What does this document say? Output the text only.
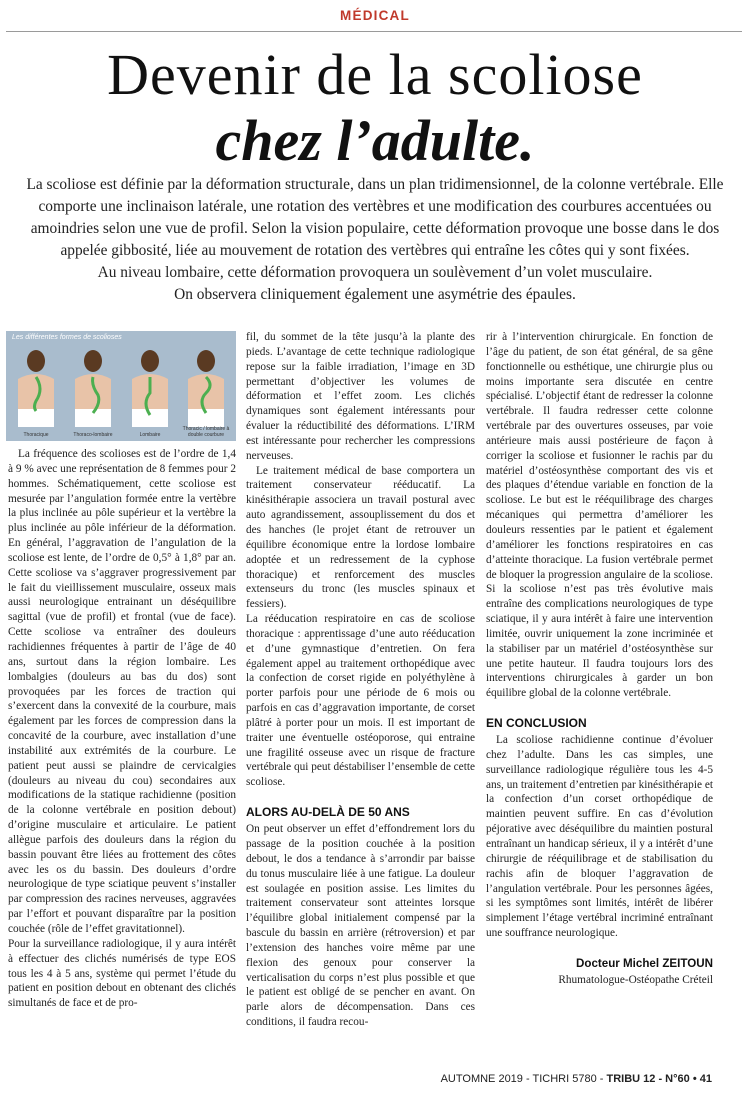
MÉDICAL
Devenir de la scoliose
chez l’adulte.

La scoliose est définie par la déformation structurale, dans un plan tridimensionnel, de la colonne vertébrale. Elle comporte une inclinaison latérale, une rotation des vertèbres et une modification des courbures accentuées ou amoindries selon une vue de profil. Selon la vision populaire, cette déformation provoque une bosse dans le dos appelée gibbosité, liée au mouvement de rotation des vertèbres qui entraîne les côtes qui y sont fixées.

Au niveau lombaire, cette déformation provoquera un soulèvement d’un volet musculaire.

On observera cliniquement également une asymétrie des épaules.

Les différentes formes de scolioses
Thoracique	Thoraco-lombaire	Lombaire
Thoracic / lombaire à double courbure

La fréquence des scolioses est de l’ordre de 1,4 à 9 % avec une représentation de 8 femmes pour 2 hommes. Schématiquement, cette scoliose est mesurée par l’angulation formée entre la vertèbre la plus inclinée au pôle supérieur et la vertèbre la plus inclinée au pôle inférieur de la déformation. En général, l’aggravation de l’angulation de la scoliose est lente, de l’ordre de 0,5° à 1,8° par an. Cette scoliose va s’aggraver progressivement par le fait du vieillissement musculaire, osseux mais aussi neurologique entrainant un déséquilibre sagittal (vue de profil) et frontal (vue de face). Cette scoliose va entraîner des douleurs rachidiennes fréquentes à partir de l’âge de 40 ans, surtout dans la région lombaire. Les lombalgies (douleurs au bas du dos) sont provoquées par les forces de traction qui s’exercent dans la convexité de la courbure, mais également par les forces de compression dans la concavité de la courbure, avec installation d’une instabilité aux extrémités de la courbure. Le patient peut aussi se plaindre de cervicalgies (douleurs au niveau du cou) secondaires aux modifications de la statique rachidienne (position de la colonne vertébrale en position debout) d’origine musculaire et articulaire. Le patient allègue parfois des douleurs dans la région du bassin pouvant être liées au frottement des côtes avec les os du bassin. Des douleurs d’ordre neurologique de type sciatique peuvent s’installer par compression des racines nerveuses, aggravées par l’effort et pouvant disparaître par la position couchée (rôle de l’effet gravitationnel).

Pour la surveillance radiologique, il y aura intérêt à effectuer des clichés numérisés de type EOS tous les 4 à 5 ans, système qui permet l’étude du patient en position debout en obtenant des clichés simultanés de face et de pro-

fil, du sommet de la tête jusqu’à la plante des pieds. L’avantage de cette technique radiologique repose sur la faible irradiation, l’image en 3D permettant d’objectiver les volumes de déformation et l’effet zoom. Les clichés dynamiques sont également intéressants pour évaluer la réductibilité des déformations. L’IRM est intéressante pour rechercher les compressions nerveuses.

Le traitement médical de base comportera un traitement conservateur rééducatif. La kinésithérapie associera un travail postural avec auto agrandissement, assouplissement du dos et des hanches (le projet étant de retrouver un équilibre économique entre la lordose lombaire adoptée et un redressement de la cyphose thoracique) et renforcement des muscles extenseurs du tronc (les muscles spinaux et fessiers).

La rééducation respiratoire en cas de scoliose thoracique : apprentissage d’une auto rééducation et d’une gymnastique d’entretien. On fera également appel au traitement orthopédique avec la confection de corset rigide en polyéthylène à porter parfois pour une période de 6 mois ou parfois en cas d’aggravation importante, de corset plâtré à porter pour un mois. Il est important de traiter une éventuelle ostéoporose, qui entraine une fragilité osseuse avec un risque de fracture vertébrale qui peut déstabiliser l’ensemble de cette scoliose.

ALORS AU-DELÀ DE 50 ANS

On peut observer un effet d’effondrement lors du passage de la position couchée à la position debout, le dos a tendance à s’arrondir par baisse du tonus musculaire liée à une fatigue. La douleur est soulagée en position assise. Les limites du traitement conservateur sont atteintes lorsque l’équilibre global initialement compensé par la bascule du bassin en arrière (rétroversion) et par l’extension des hanches voire même par une flexion des genoux pour conserver la verticalisation du corps n’est plus possible et que le patient est obligé de se pencher en avant. On parle alors de décompensation. Dans ces conditions, il faudra recou-

rir à l’intervention chirurgicale. En fonction de l’âge du patient, de son état général, de sa gêne fonctionnelle ou esthétique, une chirurgie plus ou moins importante sera discutée en centre spécialisé. L’objectif étant de redresser la colonne vertébrale. Il faudra redresser cette colonne vertébrale par des ouvertures osseuses, par voie antérieure mais aussi postérieure de façon à corriger la scoliose et fusionner le rachis par du matériel d’ostéosynthèse comportant des vis et des plaques d’étendue variable en fonction de la scoliose. Le but est le rééquilibrage des charges mécaniques qui permettra d’améliorer les douleurs ressenties par le patient et également d’améliorer les fonctions respiratoires en cas d’atteinte thoracique. La fusion vertébrale permet de bloquer la progression angulaire de la scoliose. Si la scoliose n’est pas très évolutive mais entraîne des complications neurologiques de type sciatique, il y aura intérêt à faire une intervention limitée, ouvrir uniquement la zone incriminée et la stabiliser par un matériel d’ostéosynthèse sur une petite hauteur. Il faudra toujours lors des interventions chirurgicales à garder un bon équilibre global de la colonne vertébrale.

EN CONCLUSION

La scoliose rachidienne continue d’évoluer chez l’adulte. Dans les cas simples, une surveillance radiologique régulière tous les 4-5 ans, un traitement d’entretien par kinésithérapie et la confection d’un corset orthopédique de maintien peuvent suffire. En cas d’évolution péjorative avec déséquilibre du maintien postural entraînant un handicap sérieux, il y a intérêt d’une chirurgie de rééquilibrage et de stabilisation du rachis afin de bloquer l’aggravation de l’angulation vertébrale. Pour les personnes âgées, si les symptômes sont limités, intérêt de libérer simplement l’étage vertébral incriminé entraînant une souffrance neurologique.

Docteur Michel ZEITOUN
Rhumatologue-Ostéopathe Créteil
AUTOMNE 2019 - TICHRI 5780 - TRIBU 12 - N°60 • 41
